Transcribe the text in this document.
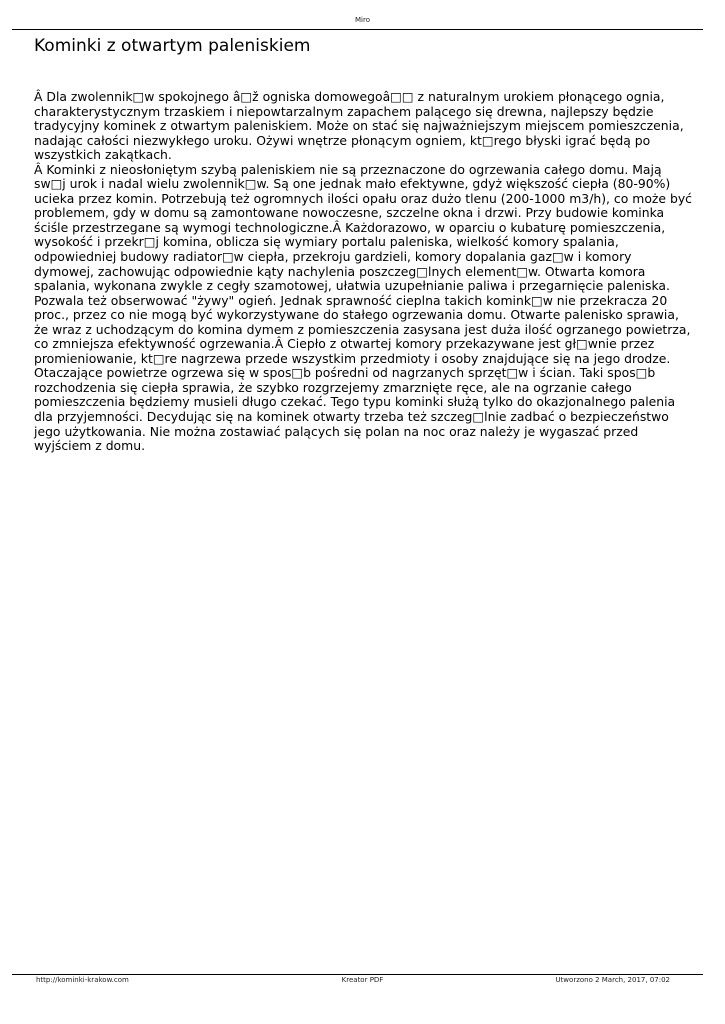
Miro
Kominki z otwartym paleniskiem

Â Dla zwolennik□w spokojnego â□ž ogniska domowegoâ□□ z naturalnym urokiem płonącego ognia, charakterystycznym trzaskiem i niepowtarzalnym zapachem palącego się drewna, najlepszy będzie tradycyjny kominek z otwartym paleniskiem. Może on stać się najważniejszym miejscem pomieszczenia, nadając całości niezwykłego uroku. Ożywi wnętrze płonącym ogniem, kt□rego błyski igrać będą po wszystkich zakątkach.

Â Kominki z nieosłoniętym szybą paleniskiem nie są przeznaczone do ogrzewania całego domu. Mają sw□j urok i nadal wielu zwolennik□w. Są one jednak mało efektywne, gdyż większość ciepła (80-90%) ucieka przez komin. Potrzebują też ogromnych ilości opału oraz dużo tlenu (200-1000 m3/h), co może być problemem, gdy w domu są zamontowane nowoczesne, szczelne okna i drzwi. Przy budowie kominka ściśle przestrzegane są wymogi technologiczne.Â Każdorazowo, w oparciu o kubaturę pomieszczenia, wysokość i przekr□j komina, oblicza się wymiary portalu paleniska, wielkość komory spalania, odpowiedniej budowy radiator□w ciepła, przekroju gardzieli, komory dopalania gaz□w i komory dymowej, zachowując odpowiednie kąty nachylenia poszczeg□lnych element□w. Otwarta komora spalania, wykonana zwykle z cegły szamotowej, ułatwia uzupełnianie paliwa i przegarnięcie paleniska. Pozwala też obserwować "żywy" ogień. Jednak sprawność cieplna takich komink□w nie przekracza 20 proc., przez co nie mogą być wykorzystywane do stałego ogrzewania domu. Otwarte palenisko sprawia, że wraz z uchodzącym do komina dymem z pomieszczenia zasysana jest duża ilość ogrzanego powietrza, co zmniejsza efektywność ogrzewania.Â Ciepło z otwartej komory przekazywane jest gł□wnie przez promieniowanie, kt□re nagrzewa przede wszystkim przedmioty i osoby znajdujące się na jego drodze. Otaczające powietrze ogrzewa się w spos□b pośredni od nagrzanych sprzęt□w i ścian. Taki spos□b rozchodzenia się ciepła sprawia, że szybko rozgrzejemy zmarznięte ręce, ale na ogrzanie całego pomieszczenia będziemy musieli długo czekać. Tego typu kominki służą tylko do okazjonalnego palenia dla przyjemności. Decydując się na kominek otwarty trzeba też szczeg□lnie zadbać o bezpieczeństwo jego użytkowania. Nie można zostawiać palących się polan na noc oraz należy je wygaszać przed wyjściem z domu.

Kreator PDF
http://kominki-krakow.com	Utworzono 2 March, 2017, 07:02
